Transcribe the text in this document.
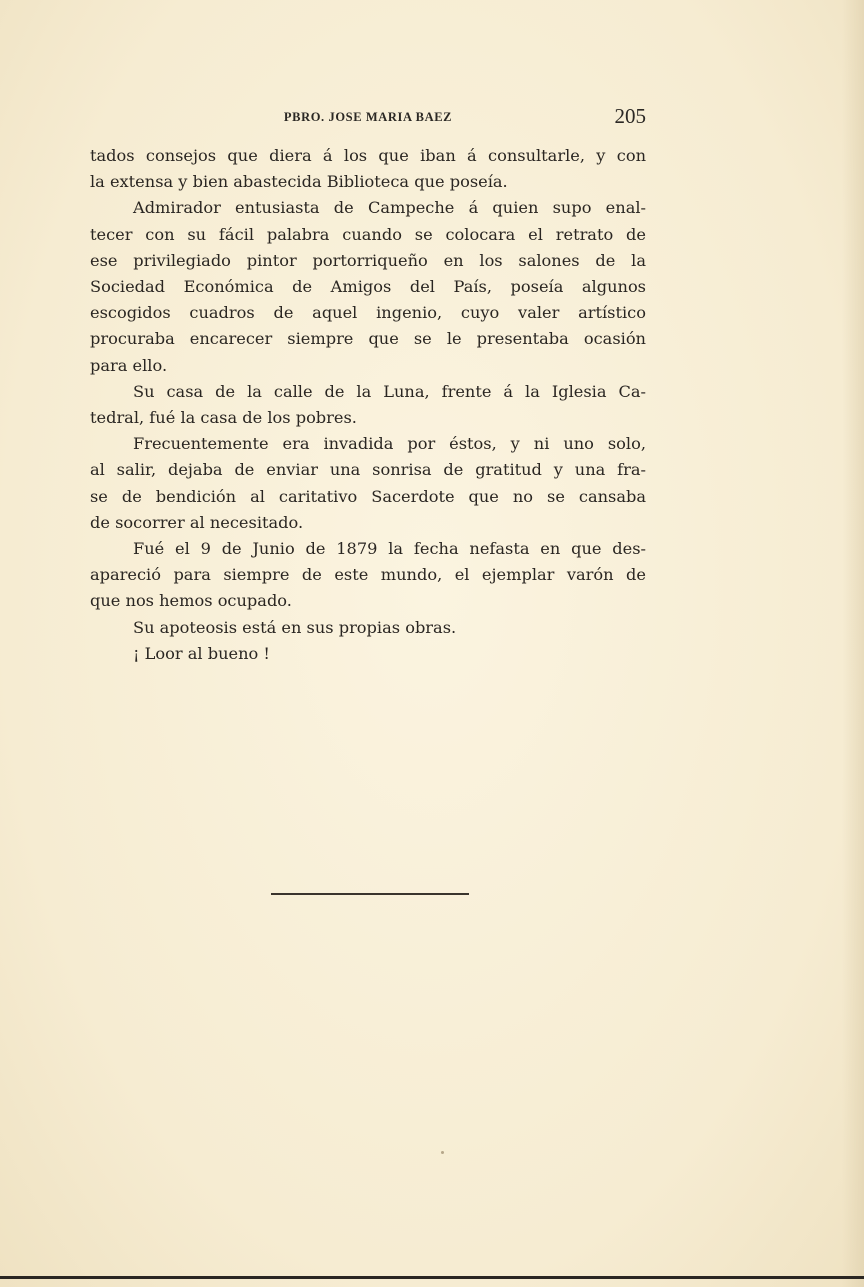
PBRO. JOSE MARIA BAEZ	205

tados consejos que diera á los que iban á consultarle, y con
la extensa y bien abastecida Biblioteca que poseía.

Admirador entusiasta de Campeche á quien supo enal-
tecer con su fácil palabra cuando se colocara el retrato de
ese privilegiado pintor portorriqueño en los salones de la
Sociedad Económica de Amigos del País, poseía algunos
escogidos cuadros de aquel ingenio, cuyo valer artístico
procuraba encarecer siempre que se le presentaba ocasión
para ello.

Su casa de la calle de la Luna, frente á la Iglesia Ca-
tedral, fué la casa de los pobres.

Frecuentemente era invadida por éstos, y ni uno solo,
al salir, dejaba de enviar una sonrisa de gratitud y una fra-
se de bendición al caritativo Sacerdote que no se cansaba
de socorrer al necesitado.

Fué el 9 de Junio de 1879 la fecha nefasta en que des-
apareció para siempre de este mundo, el ejemplar varón de
que nos hemos ocupado.

Su apoteosis está en sus propias obras.

¡ Loor al bueno !
